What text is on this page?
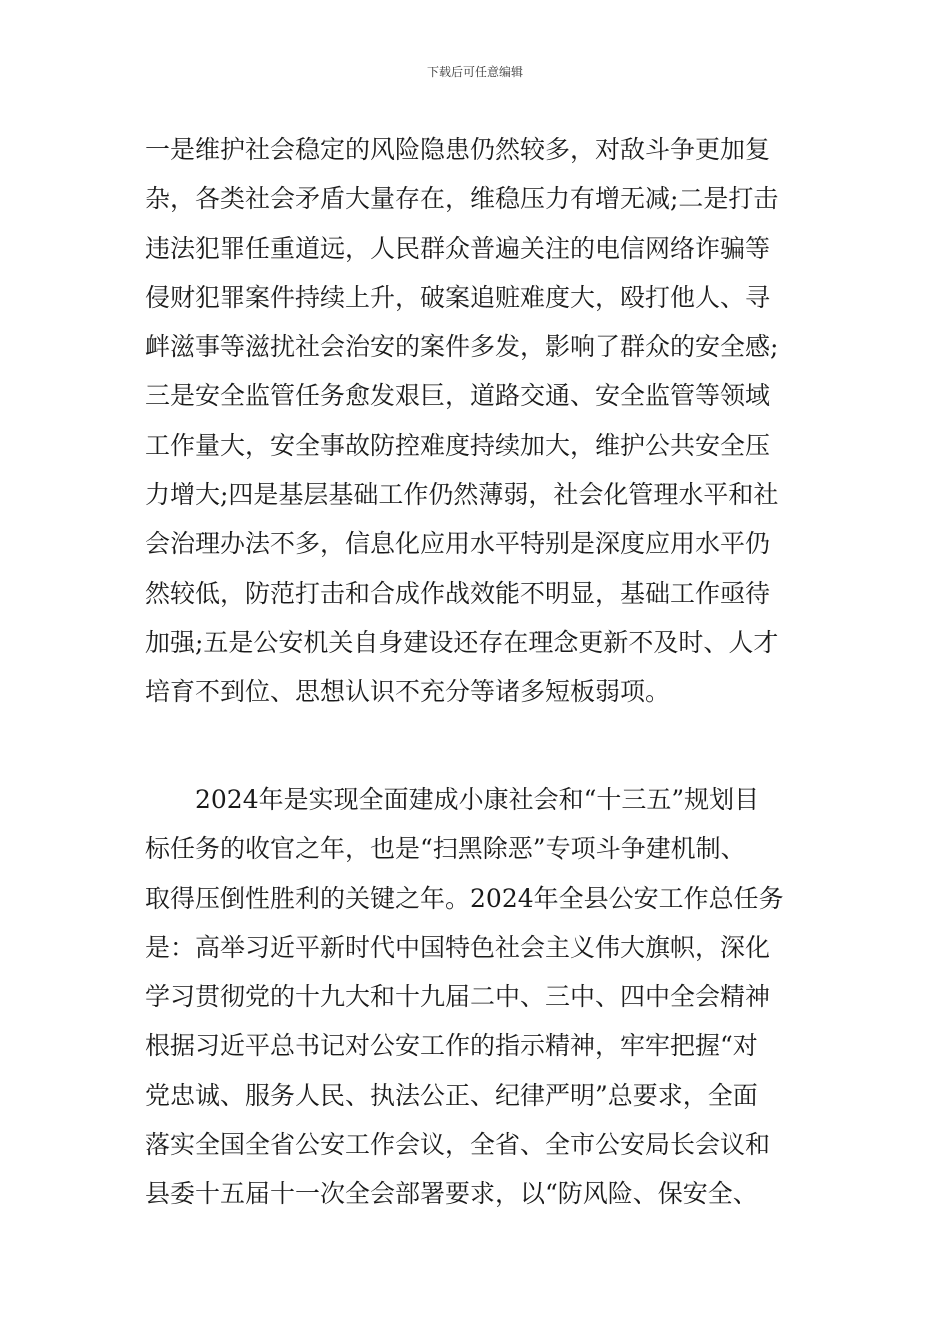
下载后可任意编辑
一是维护社会稳定的风险隐患仍然较多，对敌斗争更加复
杂，各类社会矛盾大量存在，维稳压力有增无减;二是打击
违法犯罪任重道远，人民群众普遍关注的电信网络诈骗等
侵财犯罪案件持续上升，破案追赃难度大，殴打他人、寻
衅滋事等滋扰社会治安的案件多发，影响了群众的安全感;
三是安全监管任务愈发艰巨，道路交通、安全监管等领域
工作量大，安全事故防控难度持续加大，维护公共安全压
力增大;四是基层基础工作仍然薄弱，社会化管理水平和社
会治理办法不多，信息化应用水平特别是深度应用水平仍
然较低，防范打击和合成作战效能不明显，基础工作亟待
加强;五是公安机关自身建设还存在理念更新不及时、人才
培育不到位、思想认识不充分等诸多短板弱项。
2024年是实现全面建成小康社会和“十三五”规划目
标任务的收官之年，也是“扫黑除恶”专项斗争建机制、
取得压倒性胜利的关键之年。2024年全县公安工作总任务
是：高举习近平新时代中国特色社会主义伟大旗帜，深化
学习贯彻党的十九大和十九届二中、三中、四中全会精神
根据习近平总书记对公安工作的指示精神，牢牢把握“对
党忠诚、服务人民、执法公正、纪律严明”总要求，全面
落实全国全省公安工作会议，全省、全市公安局长会议和
县委十五届十一次全会部署要求，以“防风险、保安全、
